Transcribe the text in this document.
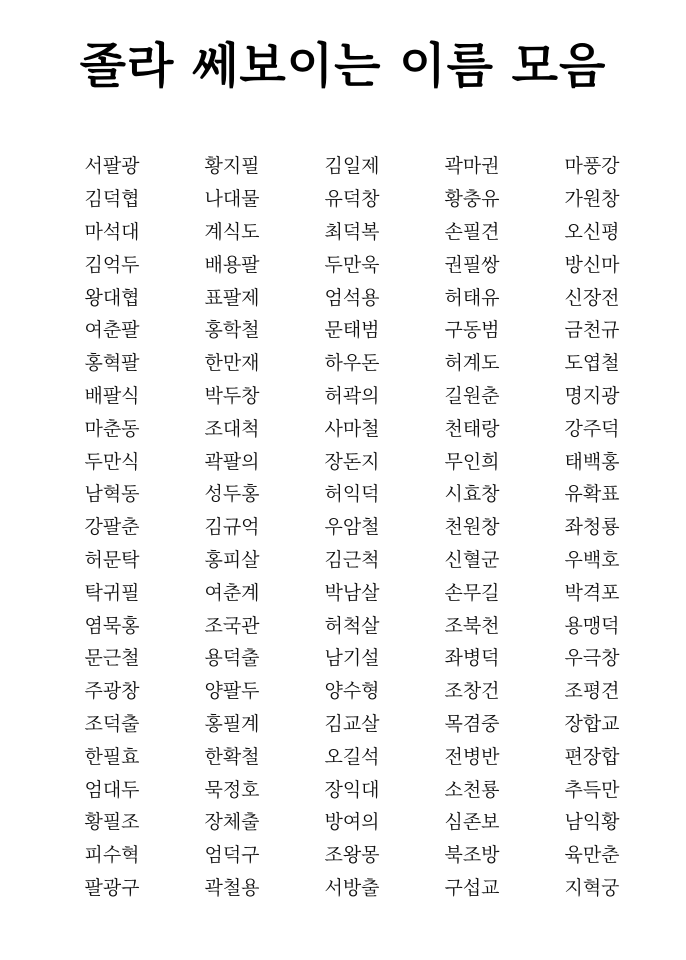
졸라 쎄보이는 이름 모음
서팔광	황지필	김일제	곽마권	마풍강
김덕협	나대물	유덕창	황충유	가원창
마석대	계식도	최덕복	손필견	오신평
김억두	배용팔	두만욱	권필쌍	방신마
왕대협	표팔제	엄석용	허태유	신장전
여춘팔	홍학철	문태범	구동범	금천규
홍혁팔	한만재	하우돈	허계도	도엽철
배팔식	박두창	허곽의	길원춘	명지광
마춘동	조대척	사마철	천태랑	강주덕
두만식	곽팔의	장돈지	무인희	태백홍
남혁동	성두홍	허익덕	시효창	유확표
강팔춘	김규억	우암철	천원창	좌청룡
허문탁	홍피살	김근척	신혈군	우백호
탁귀필	여춘계	박남살	손무길	박격포
염묵홍	조국관	허척살	조북천	용맹덕
문근철	용덕출	남기설	좌병덕	우극창
주광창	양팔두	양수형	조창건	조평견
조덕출	홍필계	김교살	목겸중	장합교
한필효	한확철	오길석	전병반	편장합
엄대두	묵정호	장익대	소천룡	추득만
황필조	장체출	방여의	심존보	남익황
피수혁	엄덕구	조왕몽	북조방	육만춘
팔광구	곽철용	서방출	구섭교	지혁궁
